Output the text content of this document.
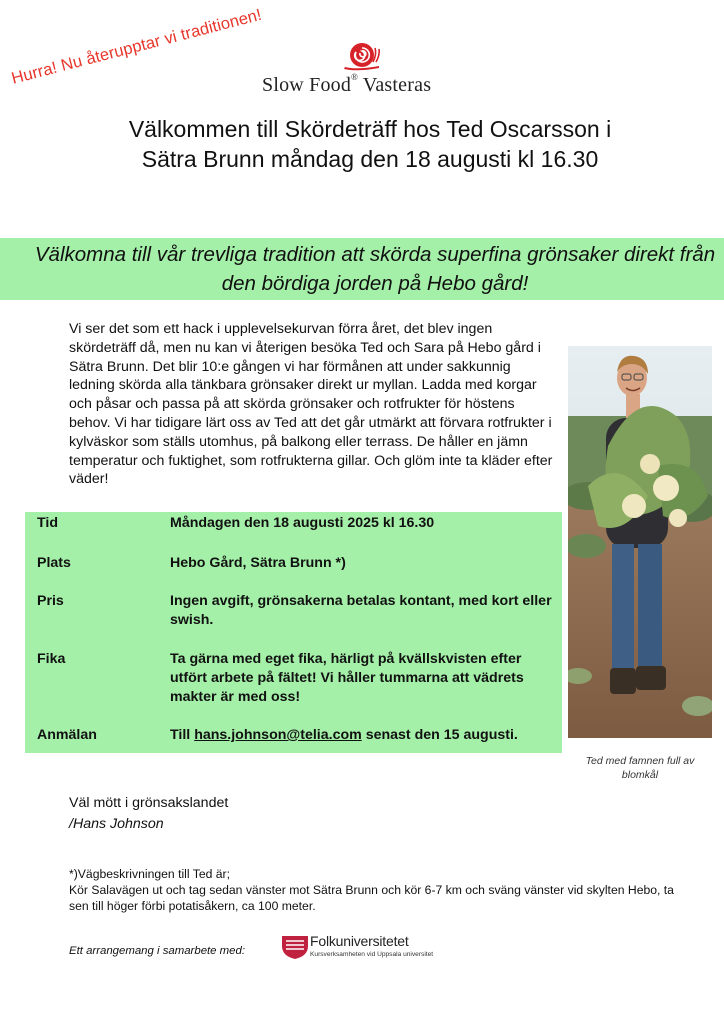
Slow Food® Vasteras
Hurra! Nu återupptar vi traditionen!
Välkommen till Skördeträff hos Ted Oscarsson i Sätra Brunn måndag den 18 augusti kl 16.30
Välkomna till vår trevliga tradition att skörda superfina grönsaker direkt från den bördiga jorden på Hebo gård!
Vi ser det som ett hack i upplevelsekurvan förra året, det blev ingen skördeträff då, men nu kan vi återigen besöka Ted och Sara på Hebo gård i Sätra Brunn. Det blir 10:e gången vi har förmånen att under sakkunnig ledning skörda alla tänkbara grönsaker direkt ur myllan. Ladda med korgar och påsar och passa på att skörda grönsaker och rotfrukter för höstens behov. Vi har tidigare lärt oss av Ted att det går utmärkt att förvara rotfrukter i kylväskor som ställs utomhus, på balkong eller terrass. De håller en jämn temperatur och fuktighet, som rotfrukterna gillar. Och glöm inte ta kläder efter väder!
Tid	Måndagen den 18 augusti 2025 kl 16.30
Plats	Hebo Gård, Sätra Brunn *)
Pris	Ingen avgift, grönsakerna betalas kontant, med kort eller swish.
Fika	Ta gärna med eget fika, härligt på kvällskvisten efter utfört arbete på fältet! Vi håller tummarna att vädrets makter är med oss!
Anmälan	Till hans.johnson@telia.com senast den 15 augusti.
Ted med famnen full av blomkål
Väl mött i grönsakslandet
/Hans Johnson
*)Vägbeskrivningen till Ted är;
Kör Salavägen ut och tag sedan vänster mot Sätra Brunn och kör 6-7 km och sväng vänster vid skylten Hebo, ta sen till höger förbi potatisåkern, ca 100 meter.
Ett arrangemang i samarbete med:
Folkuniversitetet
Kursverksamheten vid Uppsala universitet
